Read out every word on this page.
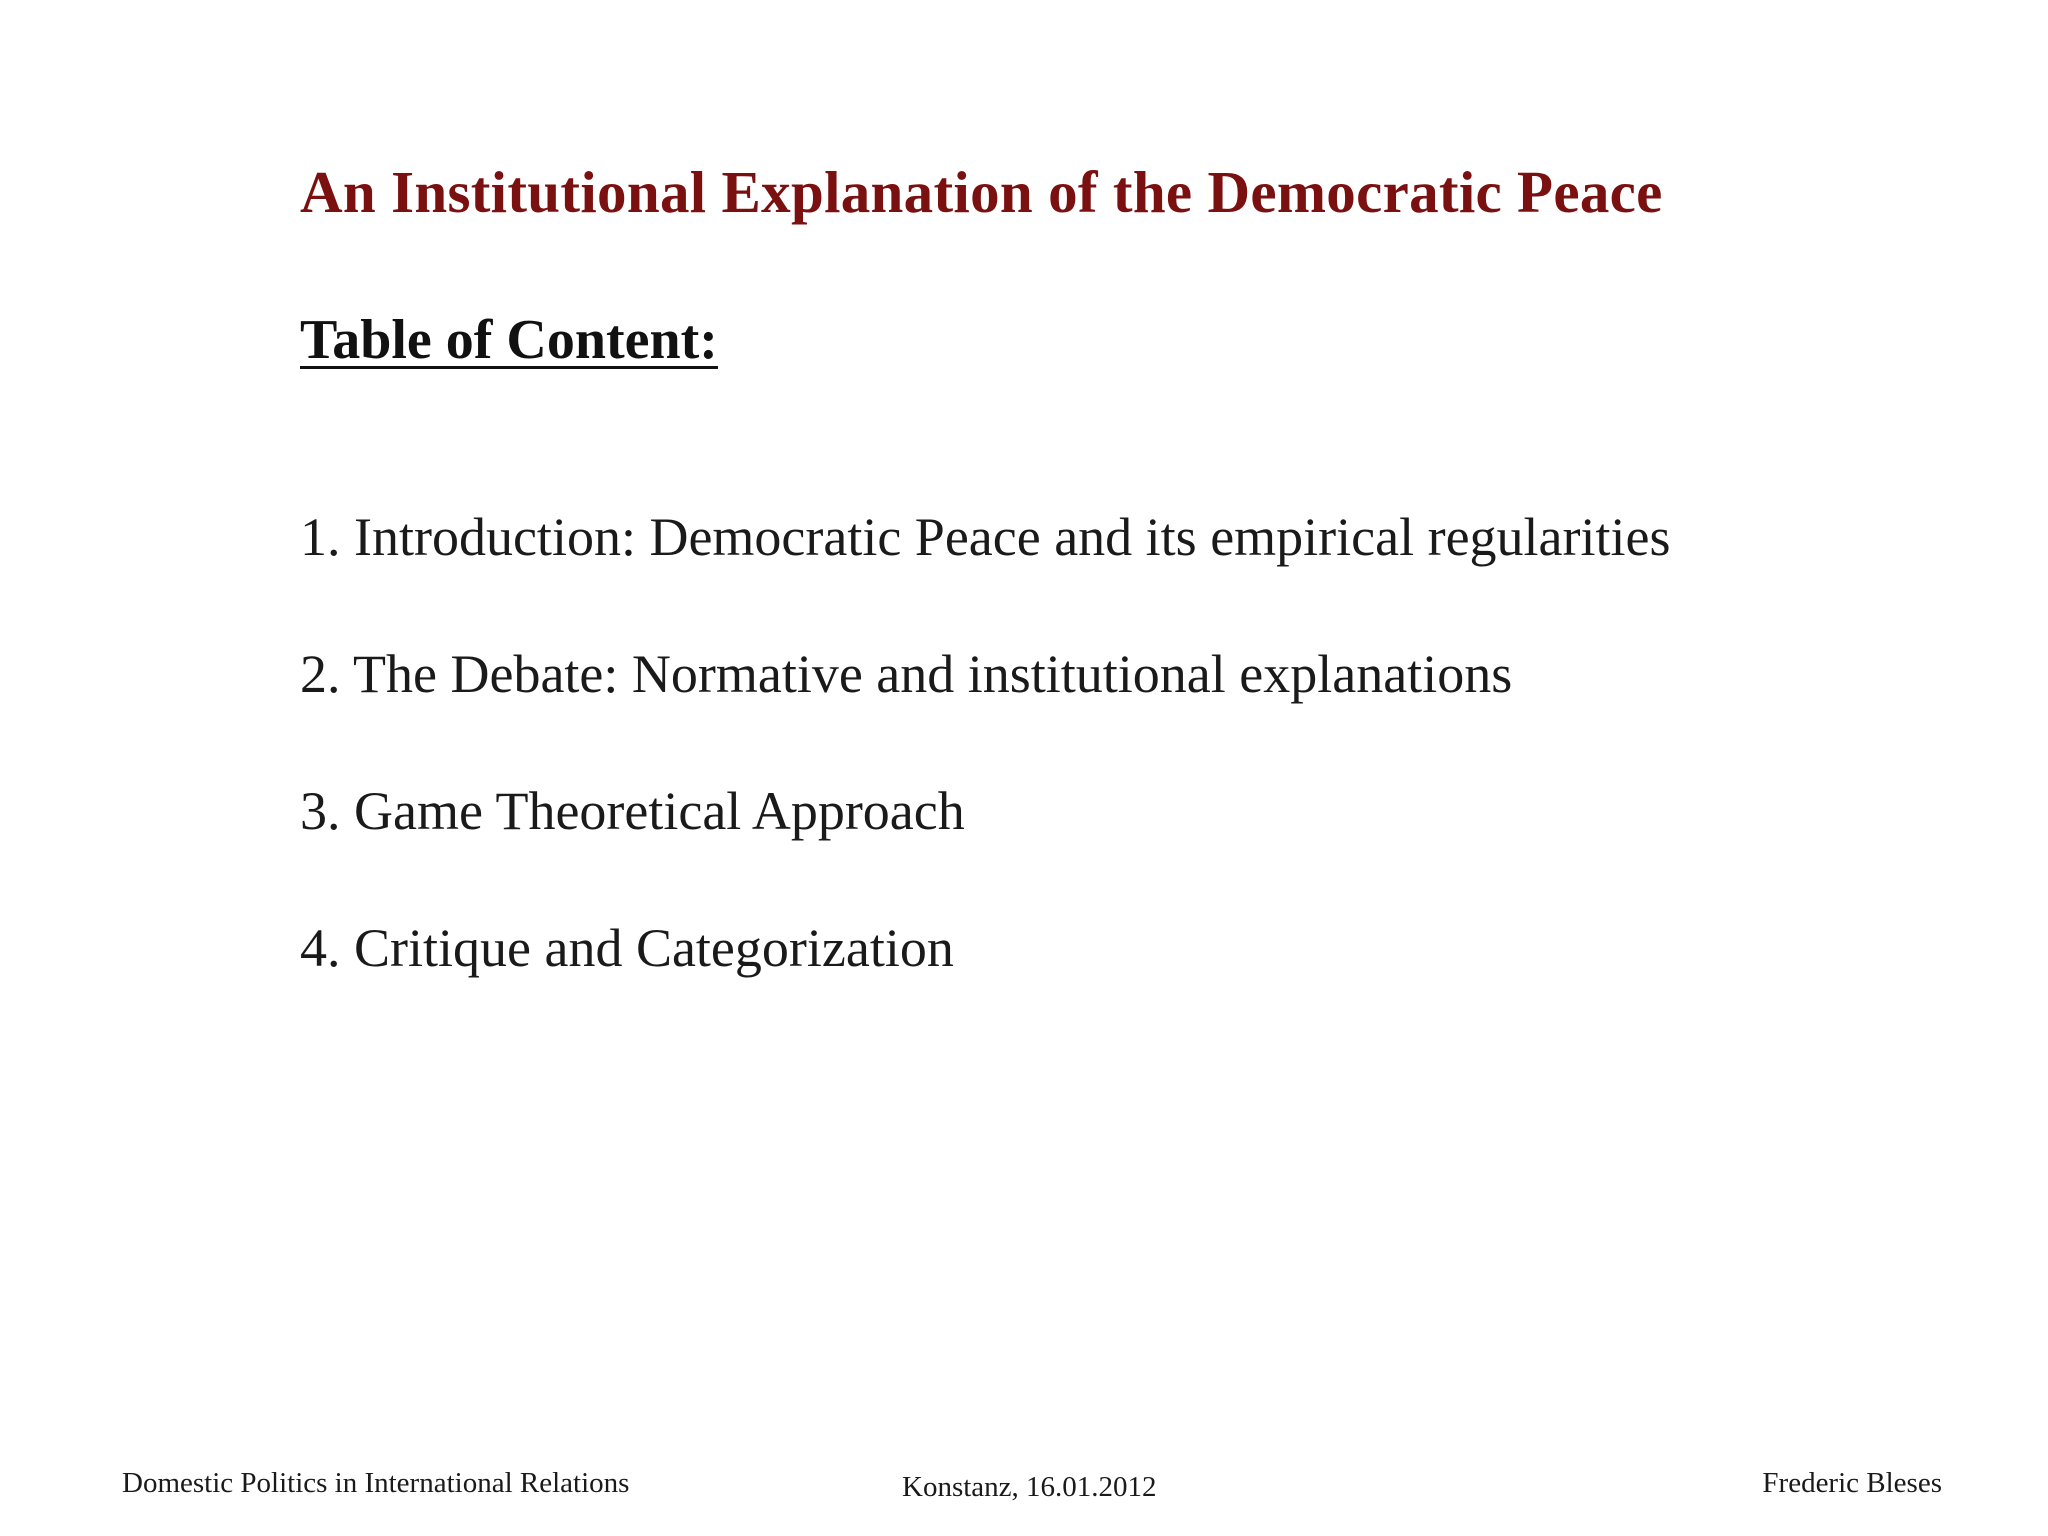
An Institutional Explanation of the Democratic Peace
Table of Content:
1. Introduction: Democratic Peace and its empirical regularities
2. The Debate: Normative and institutional explanations
3. Game Theoretical Approach
4. Critique and Categorization
Domestic Politics in International Relations	Konstanz, 16.01.2012	Frederic Bleses
